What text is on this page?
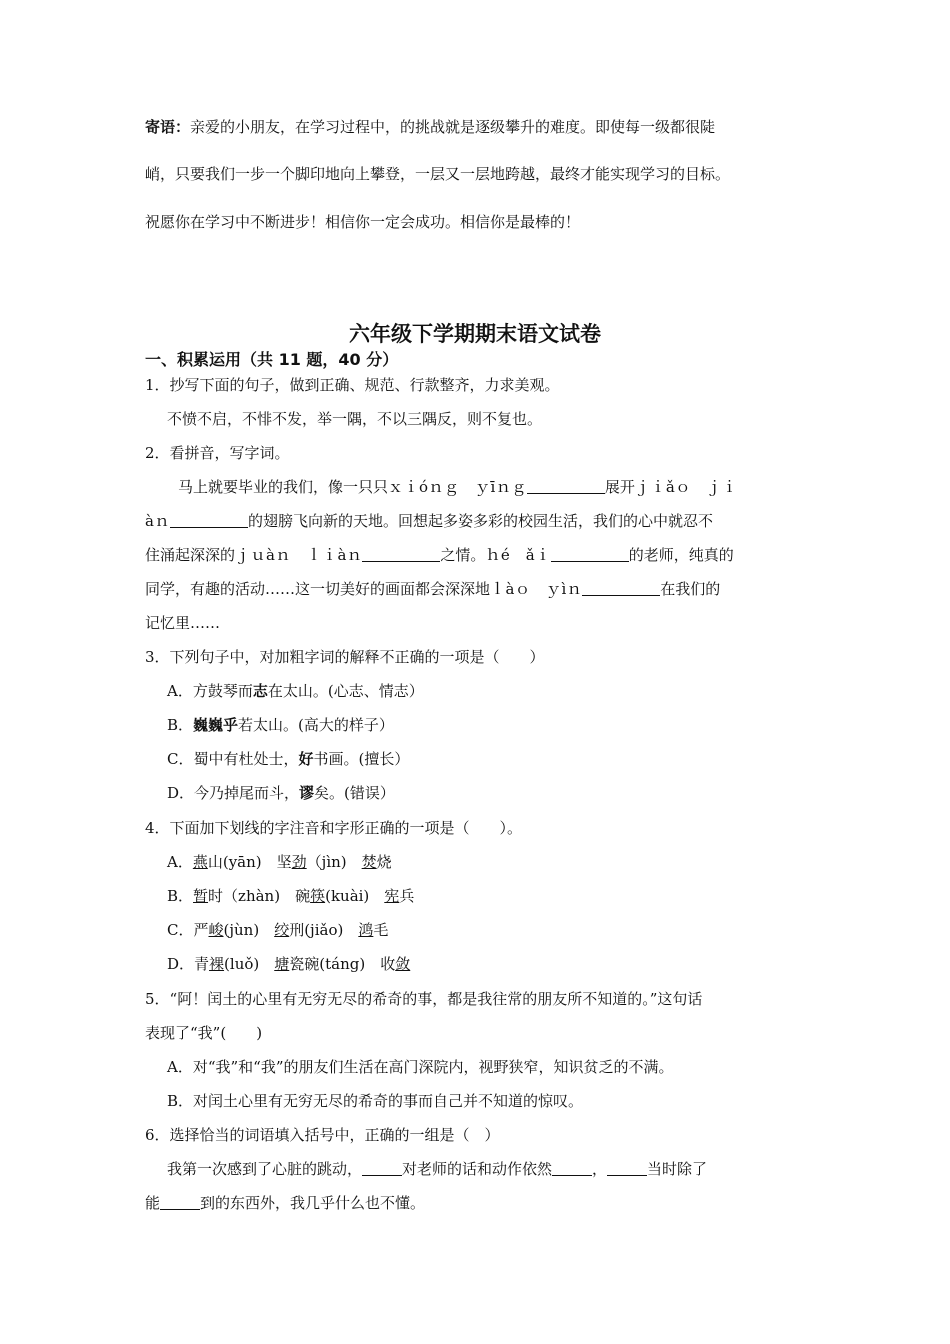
寄语：亲爱的小朋友，在学习过程中，的挑战就是逐级攀升的难度。即使每一级都很陡
峭，只要我们一步一个脚印地向上攀登，一层又一层地跨越，最终才能实现学习的目标。
祝愿你在学习中不断进步！相信你一定会成功。相信你是最棒的！
六年级下学期期末语文试卷
一、积累运用（共 11 题，40 分）
1．抄写下面的句子，做到正确、规范、行款整齐，力求美观。
不愤不启，不悱不发，举一隅，不以三隅反，则不复也。
2．看拼音，写字词。
马上就要毕业的我们，像一只只ｘｉóｎｇ　ｙīｎｇ	展开ｊｉǎｏ　ｊｉ
àｎ	的翅膀飞向新的天地。回想起多姿多彩的校园生活，我们的心中就忍不
住涌起深深的ｊｕàｎ　ｌｉàｎ	之情。ｈé　ǎｉ	的老师，纯真的
同学，有趣的活动……这一切美好的画面都会深深地ｌàｏ　ｙìｎ	在我们的
记忆里……
3．下列句子中，对加粗字词的解释不正确的一项是（　　）
A．方鼓琴而志在太山。(心志、情志）
B．巍巍乎若太山。(高大的样子）
C．蜀中有杜处士，好书画。(擅长）
D．今乃掉尾而斗，谬矣。(错误）
4．下面加下划线的字注音和字形正确的一项是（　　）。
A．燕山(yān)　坚劲（jìn)　焚烧
B．暂时（zhàn)　碗筷(kuài)　宪兵
C．严峻(jùn)　绞刑(jiǎo)　鸿毛
D．青裸(luǒ)　塘瓷碗(táng)　收敛
5．“阿！闰土的心里有无穷无尽的希奇的事，都是我往常的朋友所不知道的。”这句话
表现了“我”(　　)
A．对“我”和“我”的朋友们生活在高门深院内，视野狭窄，知识贫乏的不满。
B．对闰土心里有无穷无尽的希奇的事而自己并不知道的惊叹。
6．选择恰当的词语填入括号中，正确的一组是（　）
我第一次感到了心脏的跳动，	对老师的话和动作依然	，	当时除了
能	到的东西外，我几乎什么也不懂。
